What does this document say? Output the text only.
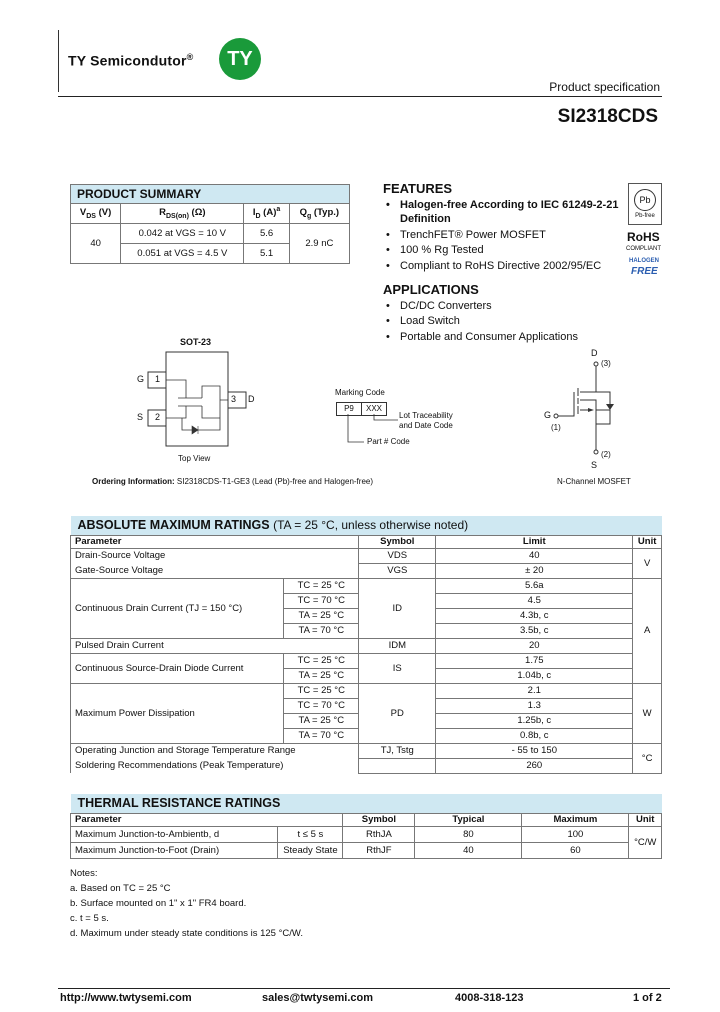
TY Semicondutor®	TY
Product specification
SI2318CDS
PRODUCT SUMMARY			
$V_{DS}$ (V)	$R_{DS(on)}$ (Ω)	$I_D$ $(A)^a$	$Q_g$ (Typ.)
40	0.042 at VGS = 10 V	5.6	2.9 nC
	0.051 at VGS = 4.5 V	5.1	
FEATURES
• Halogen-free According to IEC 61249-2-21
Definition
• TrenchFET® Power MOSFET
• 100 % Rg Tested
• Compliant to RoHS Directive 2002/95/EC
APPLICATIONS
• DC/DC Converters
• Load Switch
• Portable and Consumer Applications
Pb
Pb-free
RoHS
COMPLIANT
HALOGEN
FREE
SOT-23
1
2
3
G
S
D
Top View
Marking Code
P9	XXX
Lot Traceability
and Date Code
Part # Code
D
(3)
G
(1)
(2)
S
N-Channel MOSFET
Ordering Information: SI2318CDS-T1-GE3 (Lead (Pb)-free and Halogen-free)
ABSOLUTE MAXIMUM RATINGS (TA = 25 °C, unless otherwise noted)				
Parameter		Symbol	Limit	Unit
Drain-Source Voltage		VDS	40	V
Gate-Source Voltage		VGS	± 20	
Continuous Drain Current (TJ = 150 °C)	TC = 25 °C	ID	5.6a	A
	TC = 70 °C		4.5	
	TA = 25 °C		4.3b, c	
	TA = 70 °C		3.5b, c	
Pulsed Drain Current		IDM	20	
Continuous Source-Drain Diode Current	TC = 25 °C	IS	1.75	
	TA = 25 °C		1.04b, c	
Maximum Power Dissipation	TC = 25 °C	PD	2.1	W
	TC = 70 °C		1.3	
	TA = 25 °C		1.25b, c	
	TA = 70 °C		0.8b, c	
Operating Junction and Storage Temperature Range		TJ, Tstg	- 55 to 150	°C
Soldering Recommendations (Peak Temperature)			260	
THERMAL RESISTANCE RATINGS					
Parameter		Symbol	Typical	Maximum	Unit
Maximum Junction-to-Ambientb, d	t ≤ 5 s	RthJA	80	100	°C/W
Maximum Junction-to-Foot (Drain)	Steady State	RthJF	40	60	
Notes:
a. Based on TC = 25 °C
b. Surface mounted on 1" x 1" FR4 board.
c. t = 5 s.
d. Maximum under steady state conditions is 125 °C/W.
http://www.twtysemi.com	sales@twtysemi.com	4008-318-123	1 of 2
